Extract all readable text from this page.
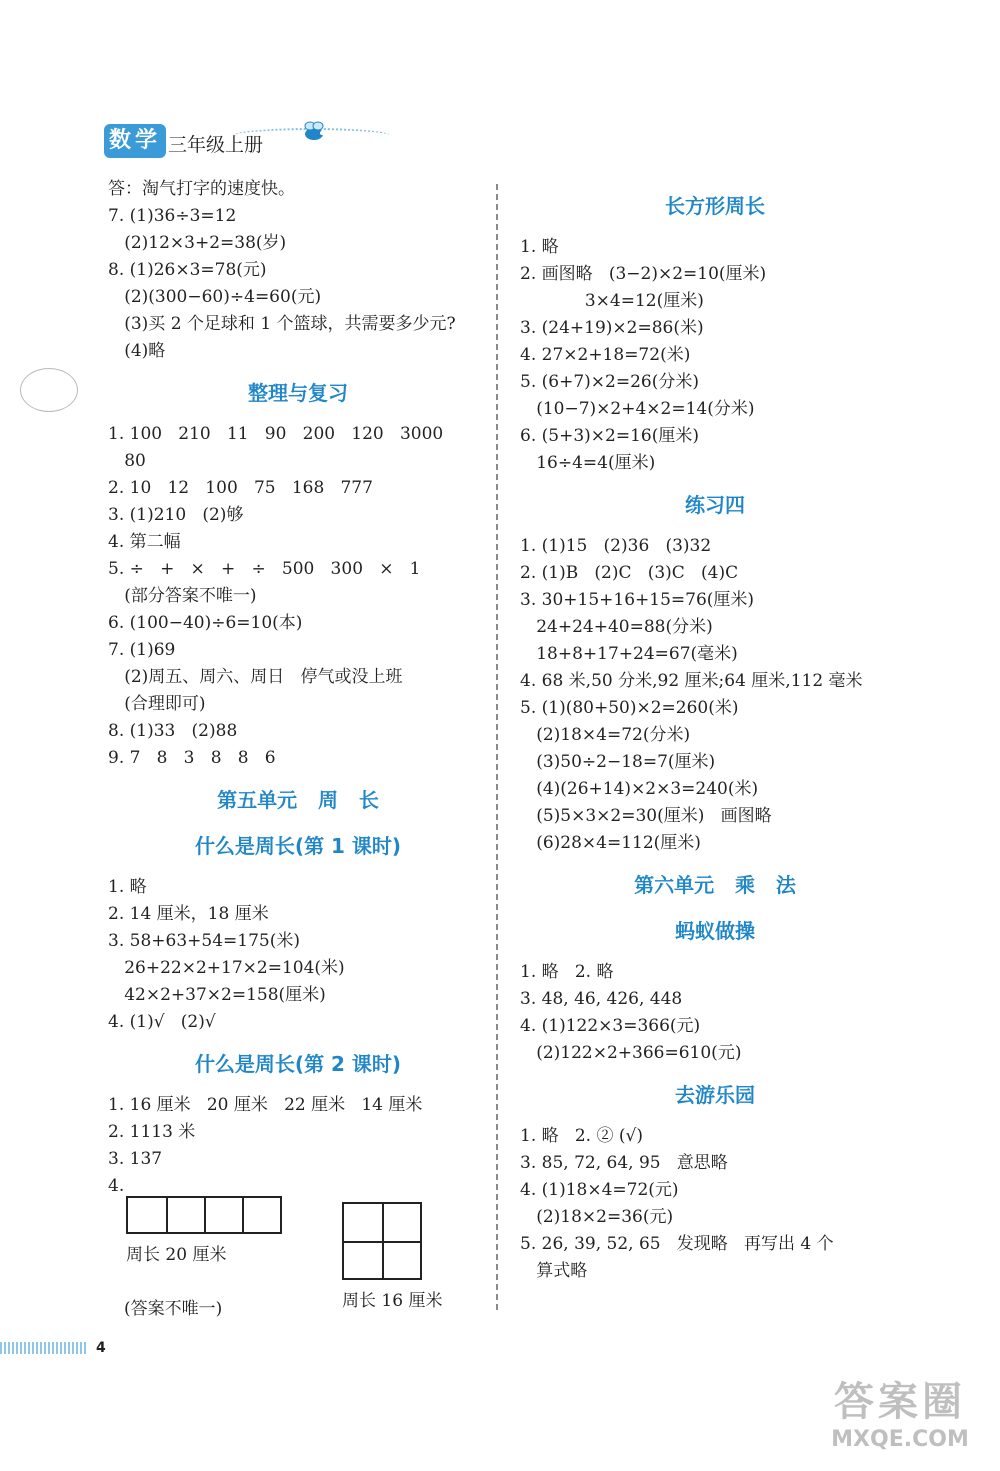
数学 三年级上册
答：淘气打字的速度快。
7. (1)36÷3=12
(2)12×3+2=38(岁)
8. (1)26×3=78(元)
(2)(300−60)÷4=60(元)
(3)买 2 个足球和 1 个篮球，共需要多少元?
(4)略
整理与复习
1. 100   210   11   90   200   120   3000
80
2. 10   12   100   75   168   777
3. (1)210   (2)够
4. 第二幅
5. ÷   +   ×   +   ÷   500   300   ×   1
(部分答案不唯一)
6. (100−40)÷6=10(本)
7. (1)69
(2)周五、周六、周日   停气或没上班
(合理即可)
8. (1)33   (2)88
9. 7   8   3   8   8   6
第五单元   周   长
什么是周长(第 1 课时)
1. 略
2. 14 厘米，18 厘米
3. 58+63+54=175(米)
26+22×2+17×2=104(米)
42×2+37×2=158(厘米)
4. (1)√   (2)√
什么是周长(第 2 课时)
1. 16 厘米   20 厘米   22 厘米   14 厘米
2. 1113 米
3. 137
4.
周长 20 厘米
(答案不唯一)	周长 16 厘米
长方形周长
1. 略
2. 画图略   (3−2)×2=10(厘米)
3×4=12(厘米)
3. (24+19)×2=86(米)
4. 27×2+18=72(米)
5. (6+7)×2=26(分米)
(10−7)×2+4×2=14(分米)
6. (5+3)×2=16(厘米)
16÷4=4(厘米)
练习四
1. (1)15   (2)36   (3)32
2. (1)B   (2)C   (3)C   (4)C
3. 30+15+16+15=76(厘米)
24+24+40=88(分米)
18+8+17+24=67(毫米)
4. 68 米,50 分米,92 厘米;64 厘米,112 毫米
5. (1)(80+50)×2=260(米)
(2)18×4=72(分米)
(3)50÷2−18=7(厘米)
(4)(26+14)×2×3=240(米)
(5)5×3×2=30(厘米)   画图略
(6)28×4=112(厘米)
第六单元   乘   法
蚂蚁做操
1. 略   2. 略
3. 48, 46, 426, 448
4. (1)122×3=366(元)
(2)122×2+366=610(元)
去游乐园
1. 略   2. ② (√)
3. 85, 72, 64, 95   意思略
4. (1)18×4=72(元)
(2)18×2=36(元)
5. 26, 39, 52, 65   发现略   再写出 4 个
算式略
4
答案圈
MXQE.COM
